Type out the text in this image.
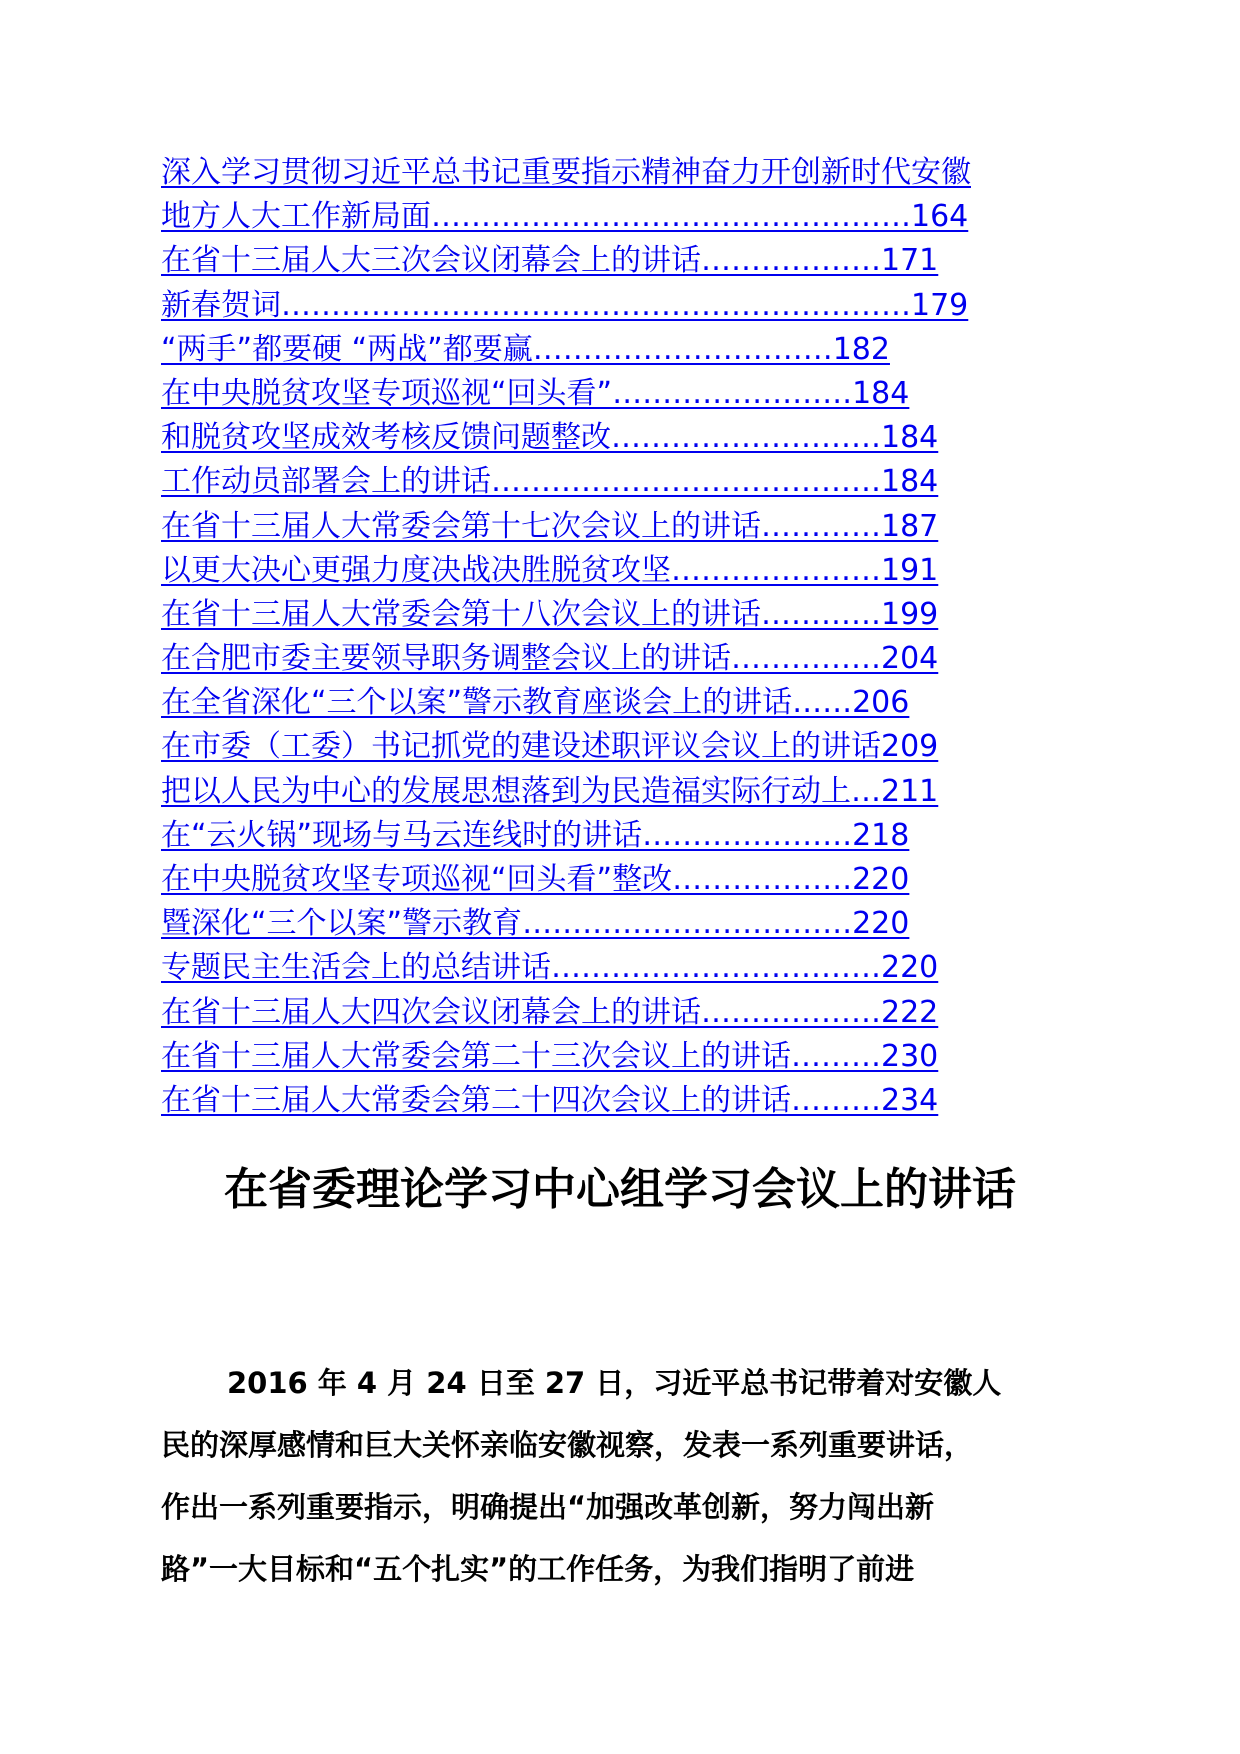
深入学习贯彻习近平总书记重要指示精神奋力开创新时代安徽
地方人大工作新局面…………………………………………164
在省十三届人大三次会议闭幕会上的讲话………………171
新春贺词………………………………………………………179
“两手”都要硬 “两战”都要赢…………………………182
在中央脱贫攻坚专项巡视“回头看”……………………184
和脱贫攻坚成效考核反馈问题整改………………………184
工作动员部署会上的讲话…………………………………184
在省十三届人大常委会第十七次会议上的讲话…………187
以更大决心更强力度决战决胜脱贫攻坚…………………191
在省十三届人大常委会第十八次会议上的讲话…………199
在合肥市委主要领导职务调整会议上的讲话……………204
在全省深化“三个以案”警示教育座谈会上的讲话……206
在市委（工委）书记抓党的建设述职评议会议上的讲话209
把以人民为中心的发展思想落到为民造福实际行动上…211
在“云火锅”现场与马云连线时的讲话…………………218
在中央脱贫攻坚专项巡视“回头看”整改………………220
暨深化“三个以案”警示教育……………………………220
专题民主生活会上的总结讲话……………………………220
在省十三届人大四次会议闭幕会上的讲话………………222
在省十三届人大常委会第二十三次会议上的讲话………230
在省十三届人大常委会第二十四次会议上的讲话………234
在省委理论学习中心组学习会议上的讲话
2016 年 4 月 24 日至 27 日，习近平总书记带着对安徽人
民的深厚感情和巨大关怀亲临安徽视察，发表一系列重要讲话，
作出一系列重要指示，明确提出“加强改革创新，努力闯出新
路”一大目标和“五个扎实”的工作任务，为我们指明了前进
